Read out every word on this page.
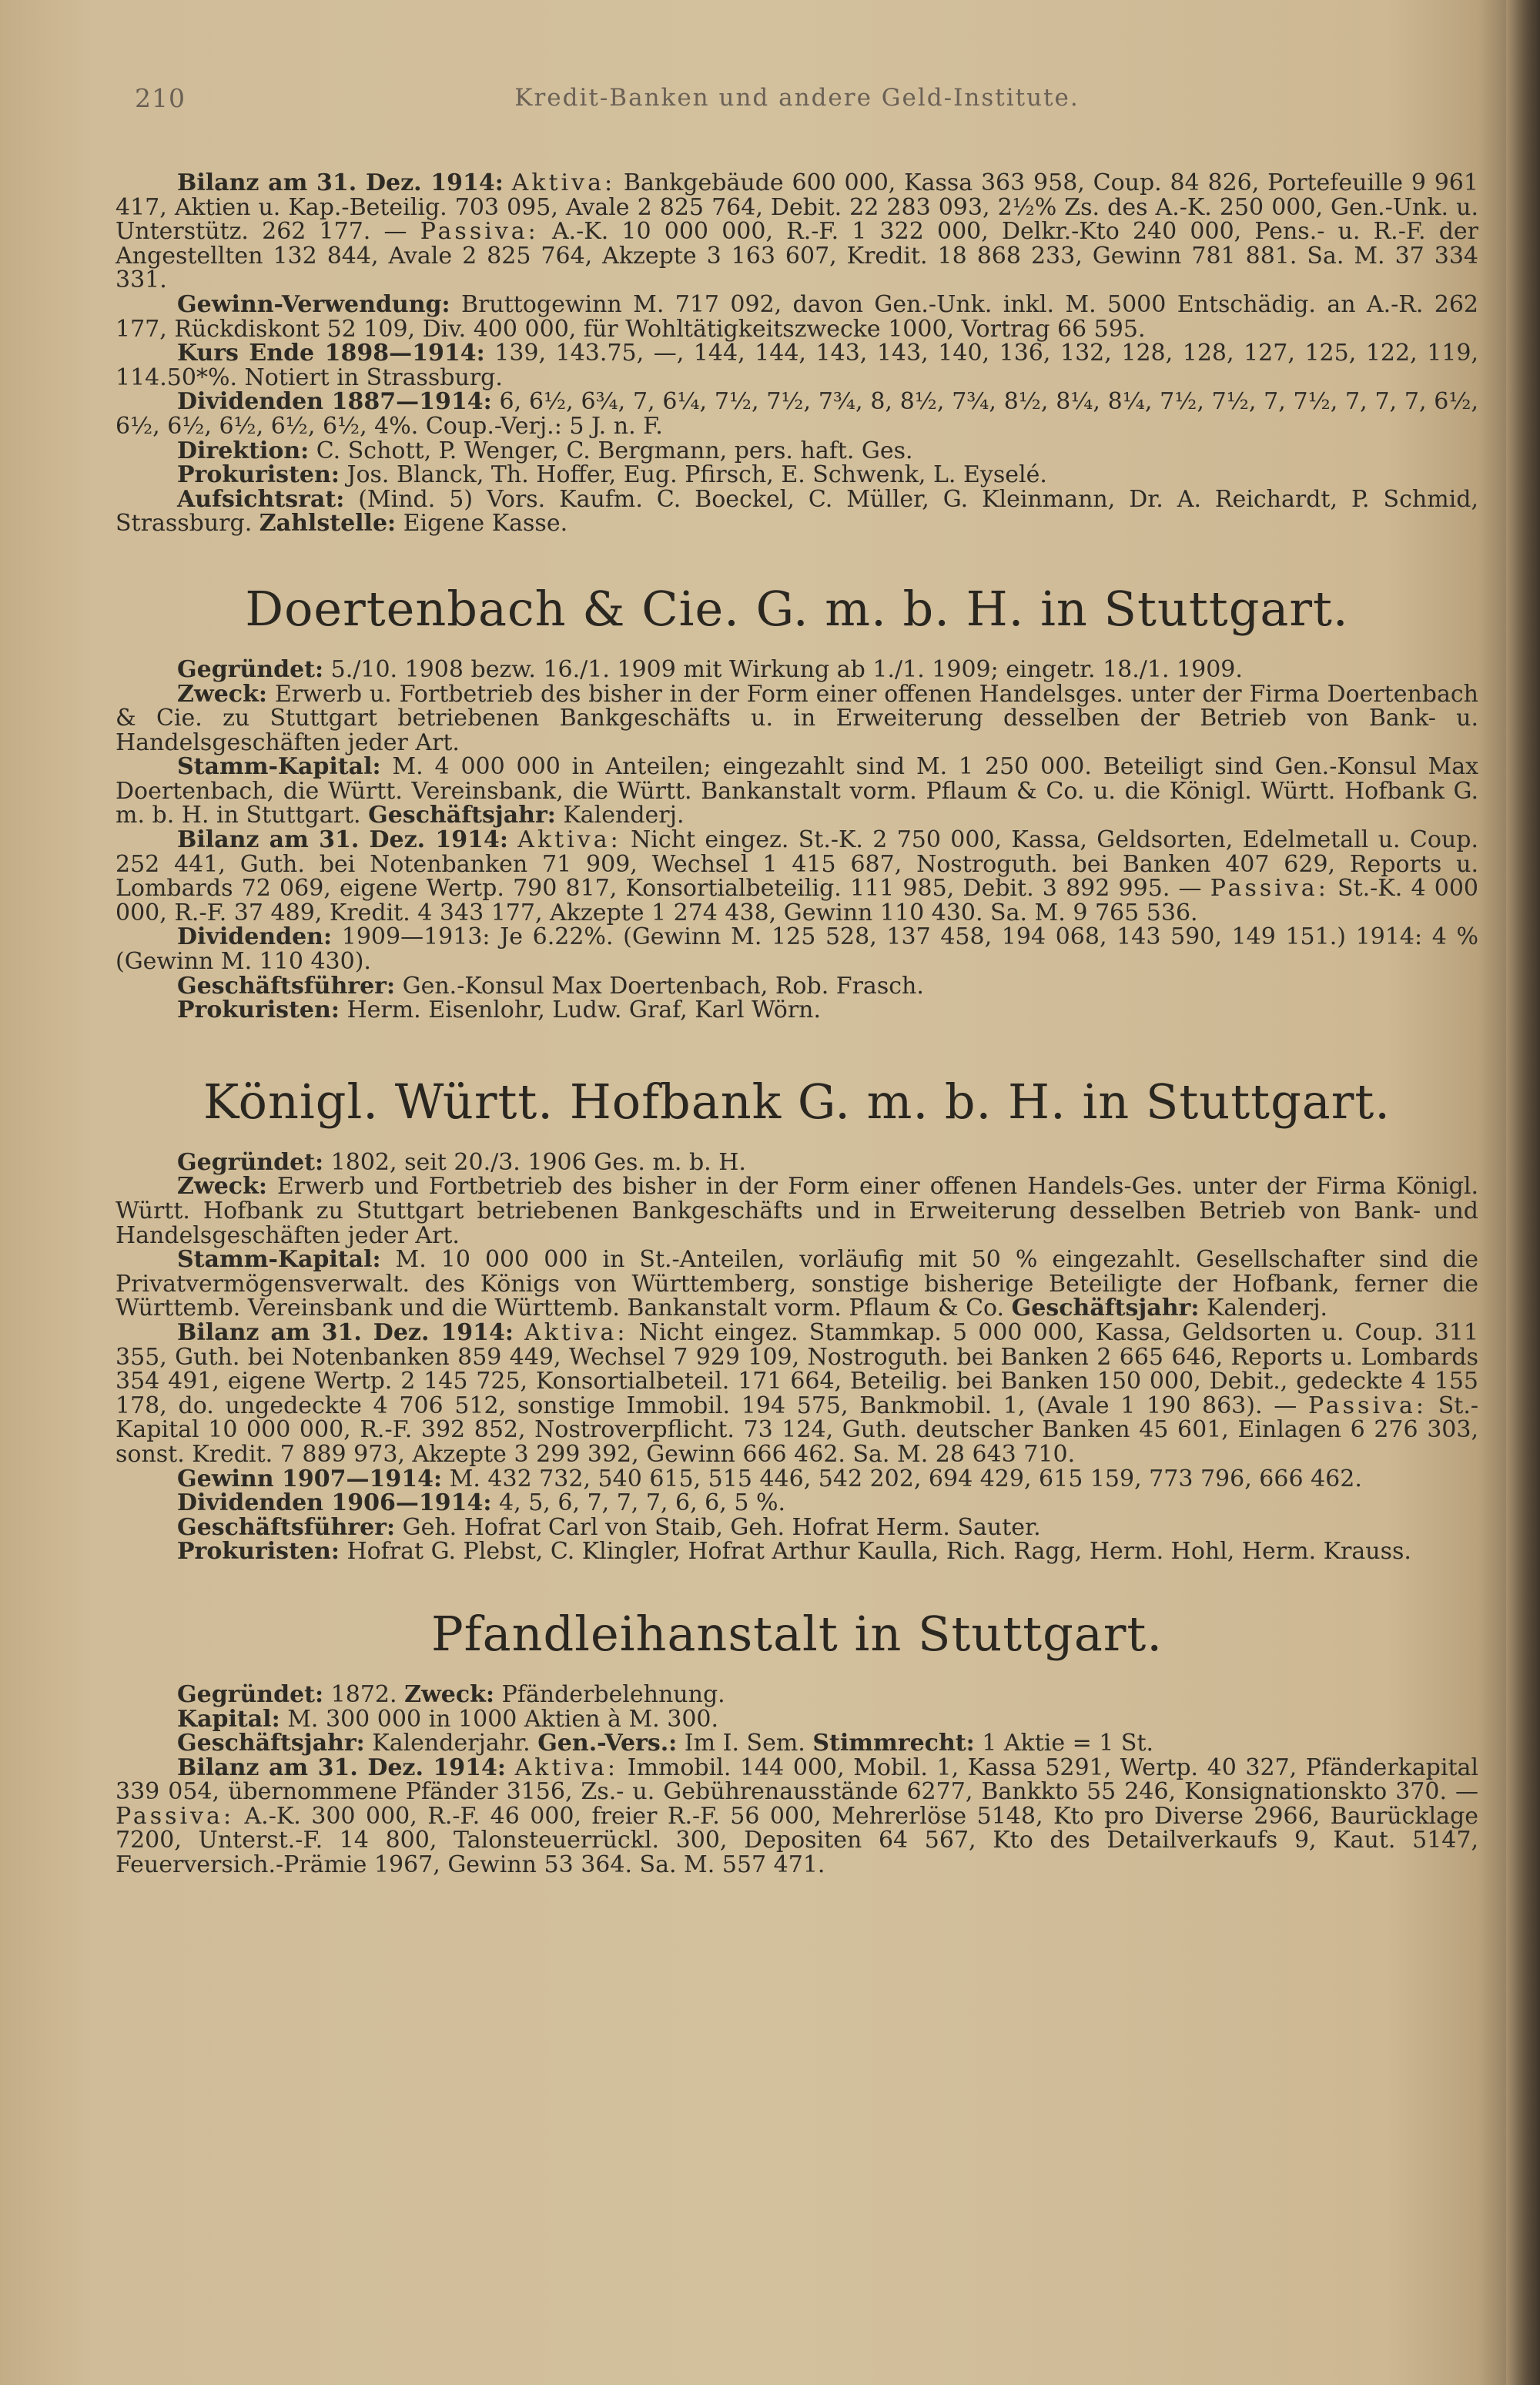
210	Kredit-Banken und andere Geld-Institute.

Bilanz am 31. Dez. 1914: Aktiva: Bankgebäude 600 000, Kassa 363 958, Coup. 84 826, Portefeuille 9 961 417, Aktien u. Kap.-Beteilig. 703 095, Avale 2 825 764, Debit. 22 283 093, 2½% Zs. des A.-K. 250 000, Gen.-Unk. u. Unterstütz. 262 177. — Passiva: A.-K. 10 000 000, R.-F. 1 322 000, Delkr.-Kto 240 000, Pens.- u. R.-F. der Angestellten 132 844, Avale 2 825 764, Akzepte 3 163 607, Kredit. 18 868 233, Gewinn 781 881. Sa. M. 37 334 331.

Gewinn-Verwendung: Bruttogewinn M. 717 092, davon Gen.-Unk. inkl. M. 5000 Entschädig. an A.-R. 262 177, Rückdiskont 52 109, Div. 400 000, für Wohltätigkeitszwecke 1000, Vortrag 66 595.

Kurs Ende 1898—1914: 139, 143.75, —, 144, 144, 143, 143, 140, 136, 132, 128, 128, 127, 125, 122, 119, 114.50*%. Notiert in Strassburg.

Dividenden 1887—1914: 6, 6½, 6¾, 7, 6¼, 7½, 7½, 7¾, 8, 8½, 7¾, 8½, 8¼, 8¼, 7½, 7½, 7, 7½, 7, 7, 7, 6½, 6½, 6½, 6½, 6½, 6½, 4%. Coup.-Verj.: 5 J. n. F.

Direktion: C. Schott, P. Wenger, C. Bergmann, pers. haft. Ges.

Prokuristen: Jos. Blanck, Th. Hoffer, Eug. Pfirsch, E. Schwenk, L. Eyselé.

Aufsichtsrat: (Mind. 5) Vors. Kaufm. C. Boeckel, C. Müller, G. Kleinmann, Dr. A. Reichardt, P. Schmid, Strassburg. Zahlstelle: Eigene Kasse.

Doertenbach & Cie. G. m. b. H. in Stuttgart.

Gegründet: 5./10. 1908 bezw. 16./1. 1909 mit Wirkung ab 1./1. 1909; eingetr. 18./1. 1909.

Zweck: Erwerb u. Fortbetrieb des bisher in der Form einer offenen Handelsges. unter der Firma Doertenbach & Cie. zu Stuttgart betriebenen Bankgeschäfts u. in Erweiterung desselben der Betrieb von Bank- u. Handelsgeschäften jeder Art.

Stamm-Kapital: M. 4 000 000 in Anteilen; eingezahlt sind M. 1 250 000. Beteiligt sind Gen.-Konsul Max Doertenbach, die Württ. Vereinsbank, die Württ. Bankanstalt vorm. Pflaum & Co. u. die Königl. Württ. Hofbank G. m. b. H. in Stuttgart. Geschäftsjahr: Kalenderj.

Bilanz am 31. Dez. 1914: Aktiva: Nicht eingez. St.-K. 2 750 000, Kassa, Geldsorten, Edelmetall u. Coup. 252 441, Guth. bei Notenbanken 71 909, Wechsel 1 415 687, Nostroguth. bei Banken 407 629, Reports u. Lombards 72 069, eigene Wertp. 790 817, Konsortialbeteilig. 111 985, Debit. 3 892 995. — Passiva: St.-K. 4 000 000, R.-F. 37 489, Kredit. 4 343 177, Akzepte 1 274 438, Gewinn 110 430. Sa. M. 9 765 536.

Dividenden: 1909—1913: Je 6.22%. (Gewinn M. 125 528, 137 458, 194 068, 143 590, 149 151.) 1914: 4 % (Gewinn M. 110 430).

Geschäftsführer: Gen.-Konsul Max Doertenbach, Rob. Frasch.

Prokuristen: Herm. Eisenlohr, Ludw. Graf, Karl Wörn.

Königl. Württ. Hofbank G. m. b. H. in Stuttgart.

Gegründet: 1802, seit 20./3. 1906 Ges. m. b. H.

Zweck: Erwerb und Fortbetrieb des bisher in der Form einer offenen Handels-Ges. unter der Firma Königl. Württ. Hofbank zu Stuttgart betriebenen Bankgeschäfts und in Erweiterung desselben Betrieb von Bank- und Handelsgeschäften jeder Art.

Stamm-Kapital: M. 10 000 000 in St.-Anteilen, vorläufig mit 50 % eingezahlt. Gesellschafter sind die Privatvermögensverwalt. des Königs von Württemberg, sonstige bisherige Beteiligte der Hofbank, ferner die Württemb. Vereinsbank und die Württemb. Bankanstalt vorm. Pflaum & Co. Geschäftsjahr: Kalenderj.

Bilanz am 31. Dez. 1914: Aktiva: Nicht eingez. Stammkap. 5 000 000, Kassa, Geldsorten u. Coup. 311 355, Guth. bei Notenbanken 859 449, Wechsel 7 929 109, Nostroguth. bei Banken 2 665 646, Reports u. Lombards 354 491, eigene Wertp. 2 145 725, Konsortialbeteil. 171 664, Beteilig. bei Banken 150 000, Debit., gedeckte 4 155 178, do. ungedeckte 4 706 512, sonstige Immobil. 194 575, Bankmobil. 1, (Avale 1 190 863). — Passiva: St.-Kapital 10 000 000, R.-F. 392 852, Nostroverpflicht. 73 124, Guth. deutscher Banken 45 601, Einlagen 6 276 303, sonst. Kredit. 7 889 973, Akzepte 3 299 392, Gewinn 666 462. Sa. M. 28 643 710.

Gewinn 1907—1914: M. 432 732, 540 615, 515 446, 542 202, 694 429, 615 159, 773 796, 666 462.

Dividenden 1906—1914: 4, 5, 6, 7, 7, 7, 6, 6, 5 %.

Geschäftsführer: Geh. Hofrat Carl von Staib, Geh. Hofrat Herm. Sauter.

Prokuristen: Hofrat G. Plebst, C. Klingler, Hofrat Arthur Kaulla, Rich. Ragg, Herm. Hohl, Herm. Krauss.

Pfandleihanstalt in Stuttgart.

Gegründet: 1872. Zweck: Pfänderbelehnung.

Kapital: M. 300 000 in 1000 Aktien à M. 300.

Geschäftsjahr: Kalenderjahr. Gen.-Vers.: Im I. Sem. Stimmrecht: 1 Aktie = 1 St.

Bilanz am 31. Dez. 1914: Aktiva: Immobil. 144 000, Mobil. 1, Kassa 5291, Wertp. 40 327, Pfänderkapital 339 054, übernommene Pfänder 3156, Zs.- u. Gebührenausstände 6277, Bankkto 55 246, Konsignationskto 370. — Passiva: A.-K. 300 000, R.-F. 46 000, freier R.-F. 56 000, Mehrerlöse 5148, Kto pro Diverse 2966, Baurücklage 7200, Unterst.-F. 14 800, Talonsteuerrückl. 300, Depositen 64 567, Kto des Detailverkaufs 9, Kaut. 5147, Feuerversich.-Prämie 1967, Gewinn 53 364. Sa. M. 557 471.
